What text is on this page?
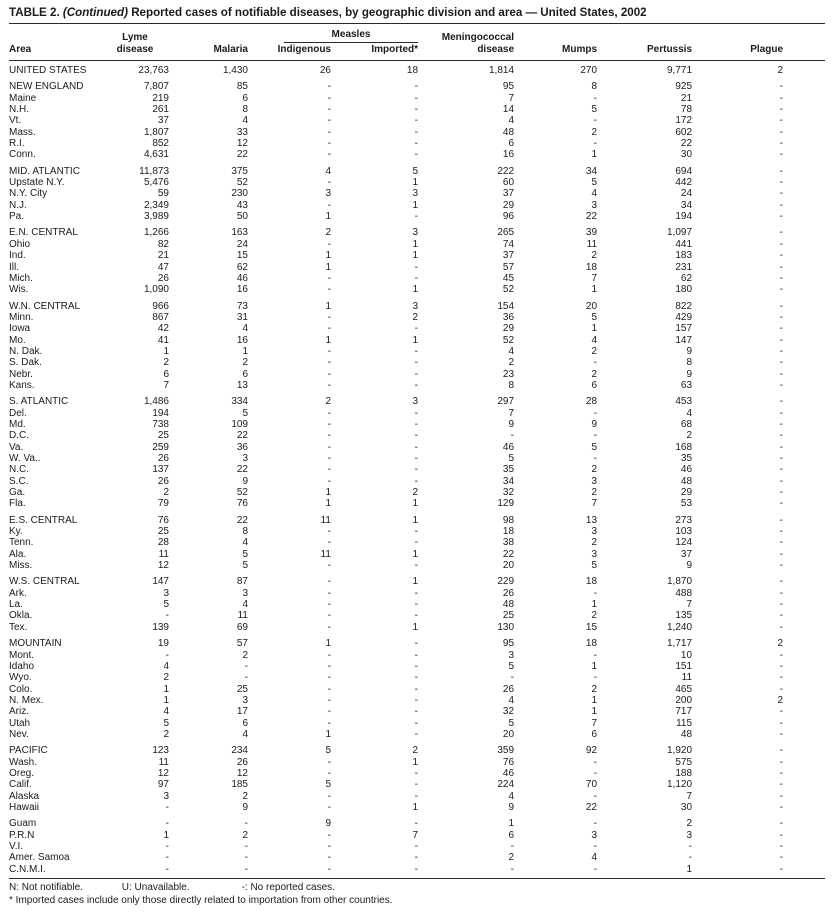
TABLE 2. (Continued) Reported cases of notifiable diseases, by geographic division and area — United States, 2002
	Lyme		Measles		Meningococcal			
Area	disease	Malaria	Indigenous	Imported*	disease	Mumps	Pertussis	Plague
UNITED STATES	23,763	1,430	26	18	1,814	270	9,771	2

NEW ENGLAND	7,807	85	-	-	95	8	925	-
Maine	219	6	-	-	7	-	21	-
N.H.	261	8	-	-	14	5	78	-
Vt.	37	4	-	-	4	-	172	-
Mass.	1,807	33	-	-	48	2	602	-
R.I.	852	12	-	-	6	-	22	-
Conn.	4,631	22	-	-	16	1	30	-

MID. ATLANTIC	11,873	375	4	5	222	34	694	-
Upstate N.Y.	5,476	52	-	1	60	5	442	-
N.Y. City	59	230	3	3	37	4	24	-
N.J.	2,349	43	-	1	29	3	34	-
Pa.	3,989	50	1	-	96	22	194	-

E.N. CENTRAL	1,266	163	2	3	265	39	1,097	-
Ohio	82	24	-	1	74	11	441	-
Ind.	21	15	1	1	37	2	183	-
Ill.	47	62	1	-	57	18	231	-
Mich.	26	46	-	-	45	7	62	-
Wis.	1,090	16	-	1	52	1	180	-

W.N. CENTRAL	966	73	1	3	154	20	822	-
Minn.	867	31	-	2	36	5	429	-
Iowa	42	4	-	-	29	1	157	-
Mo.	41	16	1	1	52	4	147	-
N. Dak.	1	1	-	-	4	2	9	-
S. Dak.	2	2	-	-	2	-	8	-
Nebr.	6	6	-	-	23	2	9	-
Kans.	7	13	-	-	8	6	63	-

S. ATLANTIC	1,486	334	2	3	297	28	453	-
Del.	194	5	-	-	7	-	4	-
Md.	738	109	-	-	9	9	68	-
D.C.	25	22	-	-	-	-	2	-
Va.	259	36	-	-	46	5	168	-
W. Va..	26	3	-	-	5	-	35	-
N.C.	137	22	-	-	35	2	46	-
S.C.	26	9	-	-	34	3	48	-
Ga.	2	52	1	2	32	2	29	-
Fla.	79	76	1	1	129	7	53	-

E.S. CENTRAL	76	22	11	1	98	13	273	-
Ky.	25	8	-	-	18	3	103	-
Tenn.	28	4	-	-	38	2	124	-
Ala.	11	5	11	1	22	3	37	-
Miss.	12	5	-	-	20	5	9	-

W.S. CENTRAL	147	87	-	1	229	18	1,870	-
Ark.	3	3	-	-	26	-	488	-
La.	5	4	-	-	48	1	7	-
Okla.	-	11	-	-	25	2	135	-
Tex.	139	69	-	1	130	15	1,240	-

MOUNTAIN	19	57	1	-	95	18	1,717	2
Mont.	-	2	-	-	3	-	10	-
Idaho	4	-	-	-	5	1	151	-
Wyo.	2	-	-	-	-	-	11	-
Colo.	1	25	-	-	26	2	465	-
N. Mex.	1	3	-	-	4	1	200	2
Ariz.	4	17	-	-	32	1	717	-
Utah	5	6	-	-	5	7	115	-
Nev.	2	4	1	-	20	6	48	-

PACIFIC	123	234	5	2	359	92	1,920	-
Wash.	11	26	-	1	76	-	575	-
Oreg.	12	12	-	-	46	-	188	-
Calif.	97	185	5	-	224	70	1,120	-
Alaska	3	2	-	-	4	-	7	-
Hawaii	-	9	-	1	9	22	30	-

Guam	-	-	9	-	1	-	2	-
P.R.N	1	2	-	7	6	3	3	-
V.I.	-	-	-	-	-	-	-	-
Amer. Samoa	-	-	-	-	2	4	-	-
C.N.M.I.	-	-	-	-	-	-	1	-
N: Not notifiable.	U: Unavailable.	-: No reported cases.
* Imported cases include only those directly related to importation from other countries.
